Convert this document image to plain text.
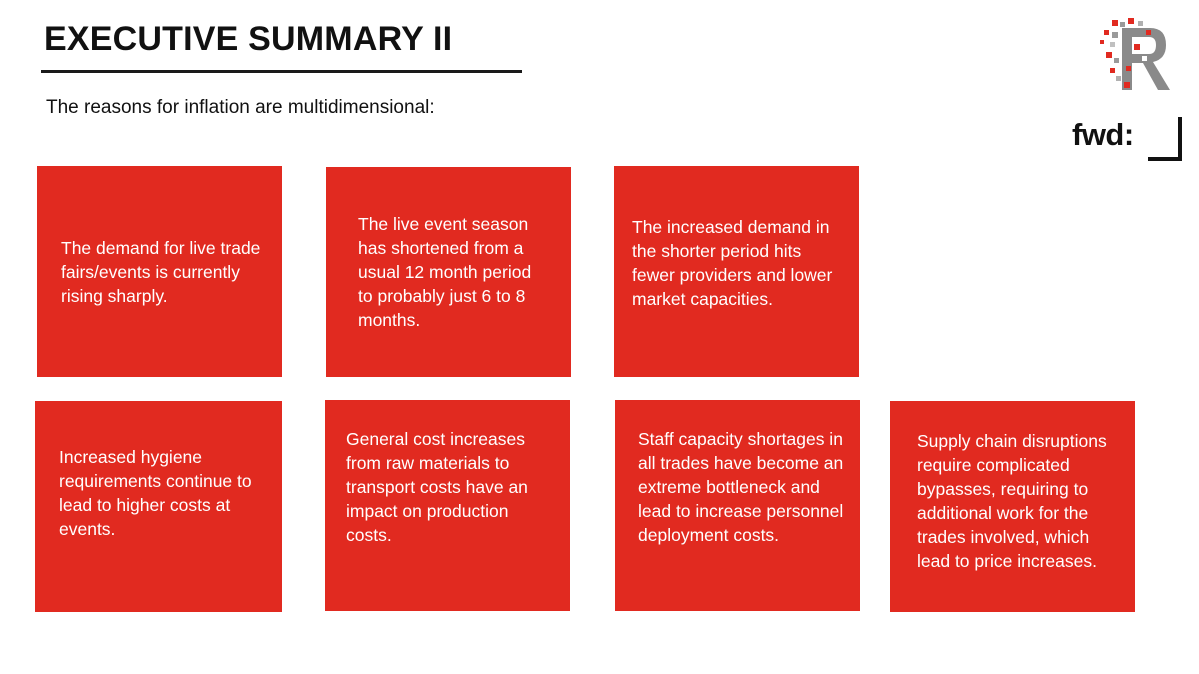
EXECUTIVE SUMMARY II
The reasons for inflation are multidimensional:
fwd:
The demand for live trade fairs/events is currently rising sharply.
The live event season has shortened from a usual 12 month period to probably just 6 to 8 months.
The increased demand in the shorter period hits fewer providers and lower market capacities.
Increased hygiene requirements continue to lead to higher costs at events.
General cost increases from raw materials to transport costs have an impact on production costs.
Staff capacity shortages in all trades have become an extreme bottleneck and lead to increase personnel deployment costs.
Supply chain disruptions require complicated bypasses, requiring to additional work for the trades involved, which lead to price increases.
